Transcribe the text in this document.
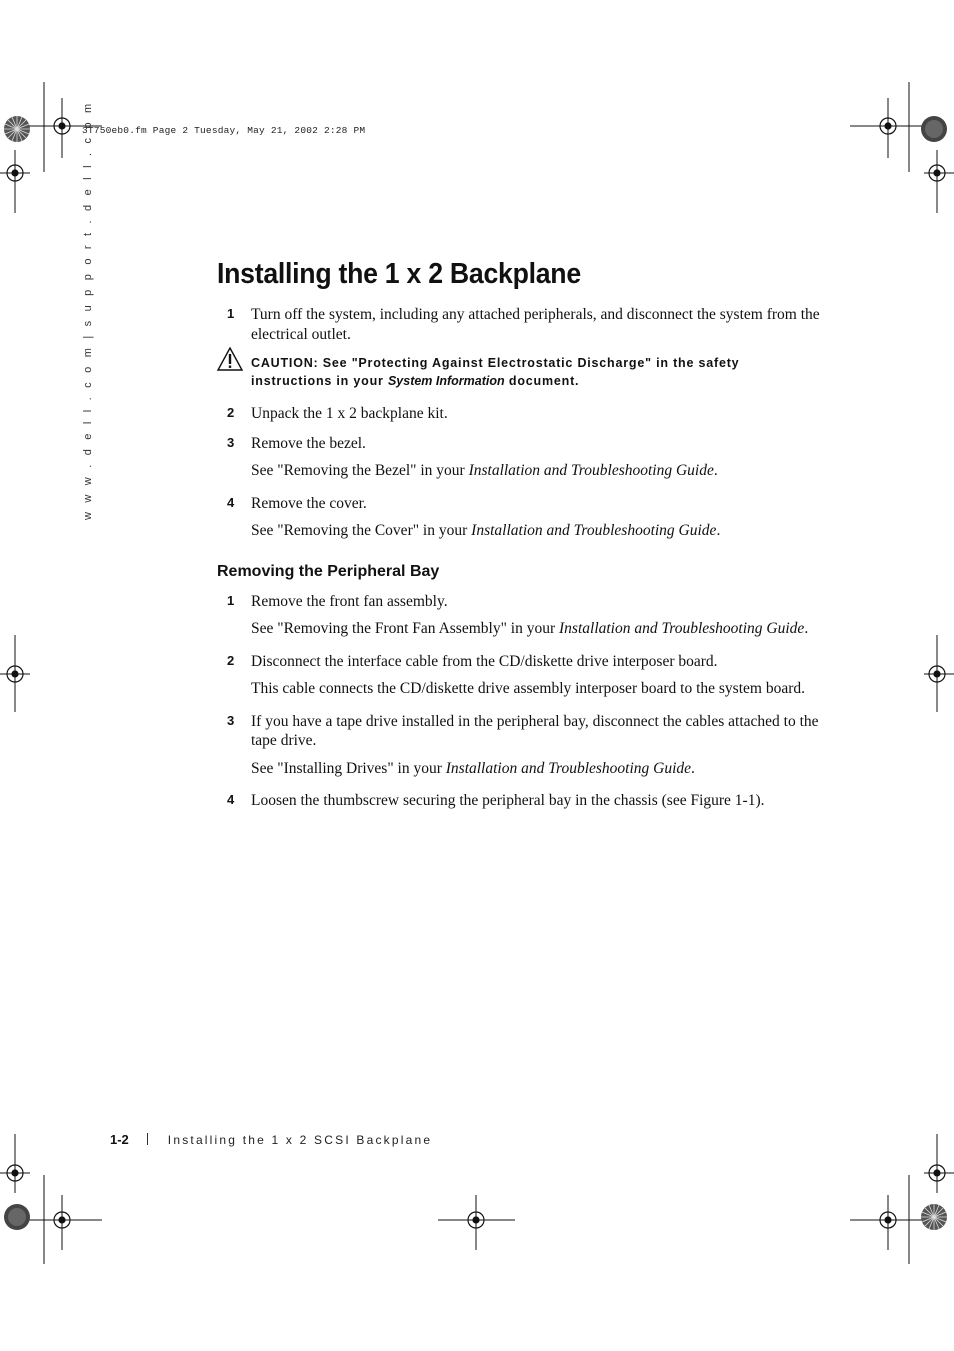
3T750eb0.fm Page 2 Tuesday, May 21, 2002 2:28 PM
w w w . d e l l . c o m | s u p p o r t . d e l l . c o m	Installing the 1 x 2 Backplane
1 Turn off the system, including any attached peripherals, and disconnect the system from the electrical outlet.
CAUTION: See "Protecting Against Electrostatic Discharge" in the safety instructions in your System Information document.
2 Unpack the 1 x 2 backplane kit.
3 Remove the bezel.
See "Removing the Bezel" in your Installation and Troubleshooting Guide.
4 Remove the cover.
See "Removing the Cover" in your Installation and Troubleshooting Guide.
Removing the Peripheral Bay
1 Remove the front fan assembly.
See "Removing the Front Fan Assembly" in your Installation and Troubleshooting Guide.
2 Disconnect the interface cable from the CD/diskette drive interposer board.
This cable connects the CD/diskette drive assembly interposer board to the system board.
3 If you have a tape drive installed in the peripheral bay, disconnect the cables attached to the tape drive.
See "Installing Drives" in your Installation and Troubleshooting Guide.
4 Loosen the thumbscrew securing the peripheral bay in the chassis (see Figure 1-1).
1-2	Installing the 1 x 2 SCSI Backplane
